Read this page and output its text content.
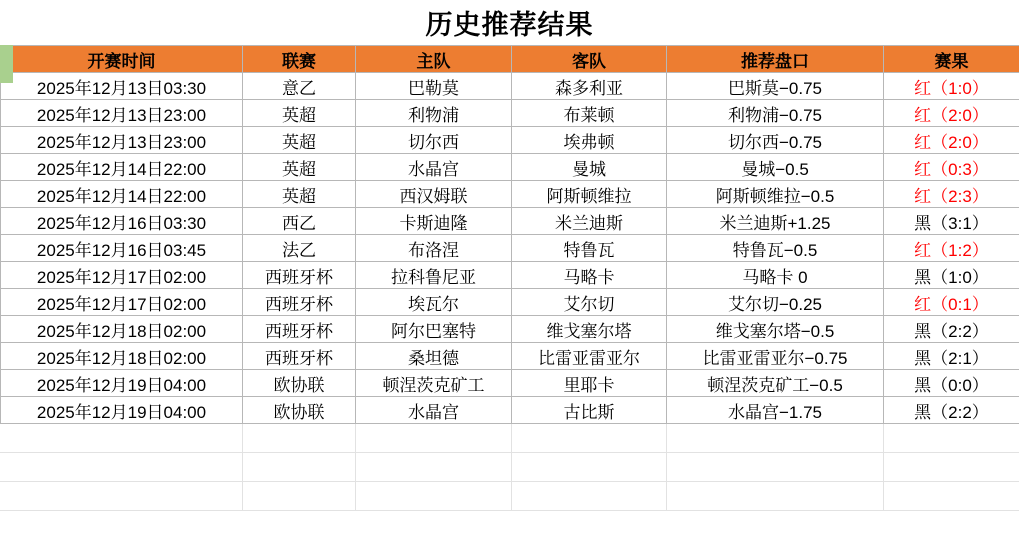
历史推荐结果
开赛时间	联赛	主队	客队	推荐盘口	赛果
2025年12月13日03:30	意乙	巴勒莫	森多利亚	巴斯莫−0.75	红（1:0）
2025年12月13日23:00	英超	利物浦	布莱顿	利物浦−0.75	红（2:0）
2025年12月13日23:00	英超	切尔西	埃弗顿	切尔西−0.75	红（2:0）
2025年12月14日22:00	英超	水晶宫	曼城	曼城−0.5	红（0:3）
2025年12月14日22:00	英超	西汉姆联	阿斯顿维拉	阿斯顿维拉−0.5	红（2:3）
2025年12月16日03:30	西乙	卡斯迪隆	米兰迪斯	米兰迪斯+1.25	黑（3:1）
2025年12月16日03:45	法乙	布洛涅	特鲁瓦	特鲁瓦−0.5	红（1:2）
2025年12月17日02:00	西班牙杯	拉科鲁尼亚	马略卡	马略卡 0	黑（1:0）
2025年12月17日02:00	西班牙杯	埃瓦尔	艾尔切	艾尔切−0.25	红（0:1）
2025年12月18日02:00	西班牙杯	阿尔巴塞特	维戈塞尔塔	维戈塞尔塔−0.5	黑（2:2）
2025年12月18日02:00	西班牙杯	桑坦德	比雷亚雷亚尔	比雷亚雷亚尔−0.75	黑（2:1）
2025年12月19日04:00	欧协联	顿涅茨克矿工	里耶卡	顿涅茨克矿工−0.5	黑（0:0）
2025年12月19日04:00	欧协联	水晶宫	古比斯	水晶宫−1.75	黑（2:2）
